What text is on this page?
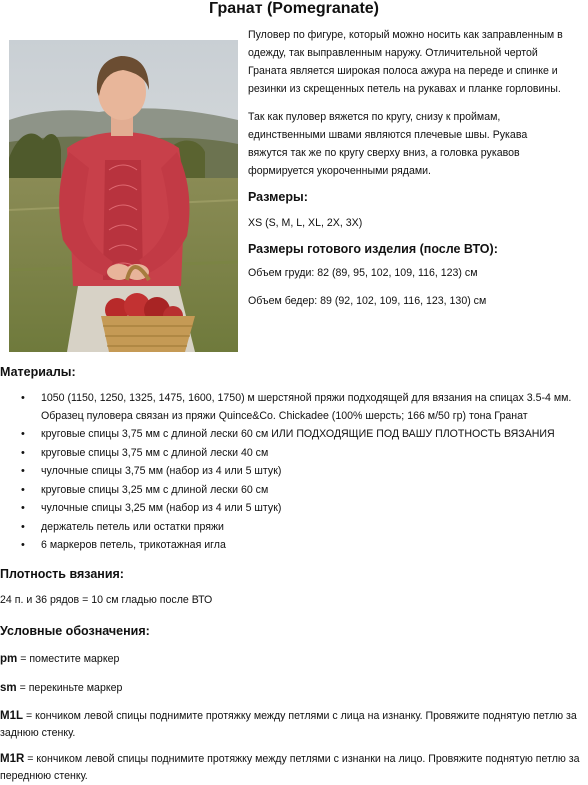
Гранат (Pomegranate)

Пуловер по фигуре, который можно носить как заправленным в

одежду, так выправленным наружу. Отличительной чертой

Граната является широкая полоса ажура на переде и спинке и

резинки из скрещенных петель на рукавах и планке горловины.

Так как пуловер вяжется по кругу, снизу к проймам,

единственными швами являются плечевые швы. Рукава

вяжутся так же по кругу сверху вниз, а головка рукавов

формируется укороченными рядами.

Размеры:

XS (S, M, L, XL, 2X, 3X)

Размеры готового изделия (после ВТО):

Объем груди: 82 (89, 95, 102, 109, 116, 123) см

Объем бедер: 89 (92, 102, 109, 116, 123, 130) см

Материалы:
• 1050 (1150, 1250, 1325, 1475, 1600, 1750) м шерстяной пряжи подходящей для вязания на спицах 3.5-4 мм. Образец пуловера связан из пряжи Quince&Co. Chickadee (100% шерсть; 166 м/50 гр) тона Гранат
• круговые спицы 3,75 мм с длиной лески 60 см ИЛИ ПОДХОДЯЩИЕ ПОД ВАШУ ПЛОТНОСТЬ ВЯЗАНИЯ
• круговые спицы 3,75 мм с длиной лески 40 см
• чулочные спицы 3,75 мм (набор из 4 или 5 штук)
• круговые спицы 3,25 мм с длиной лески 60 см
• чулочные спицы 3,25 мм (набор из 4 или 5 штук)
• держатель петель или остатки пряжи
• 6 маркеров петель, трикотажная игла
Плотность вязания:

24 п. и 36 рядов = 10 см гладью после ВТО

Условные обозначения:

pm = поместите маркер

sm = перекиньте маркер

M1L = кончиком левой спицы поднимите протяжку между петлями с лица на изнанку. Провяжите поднятую петлю за заднюю стенку.

M1R = кончиком левой спицы поднимите протяжку между петлями с изнанки на лицо. Провяжите поднятую петлю за переднюю стенку.
